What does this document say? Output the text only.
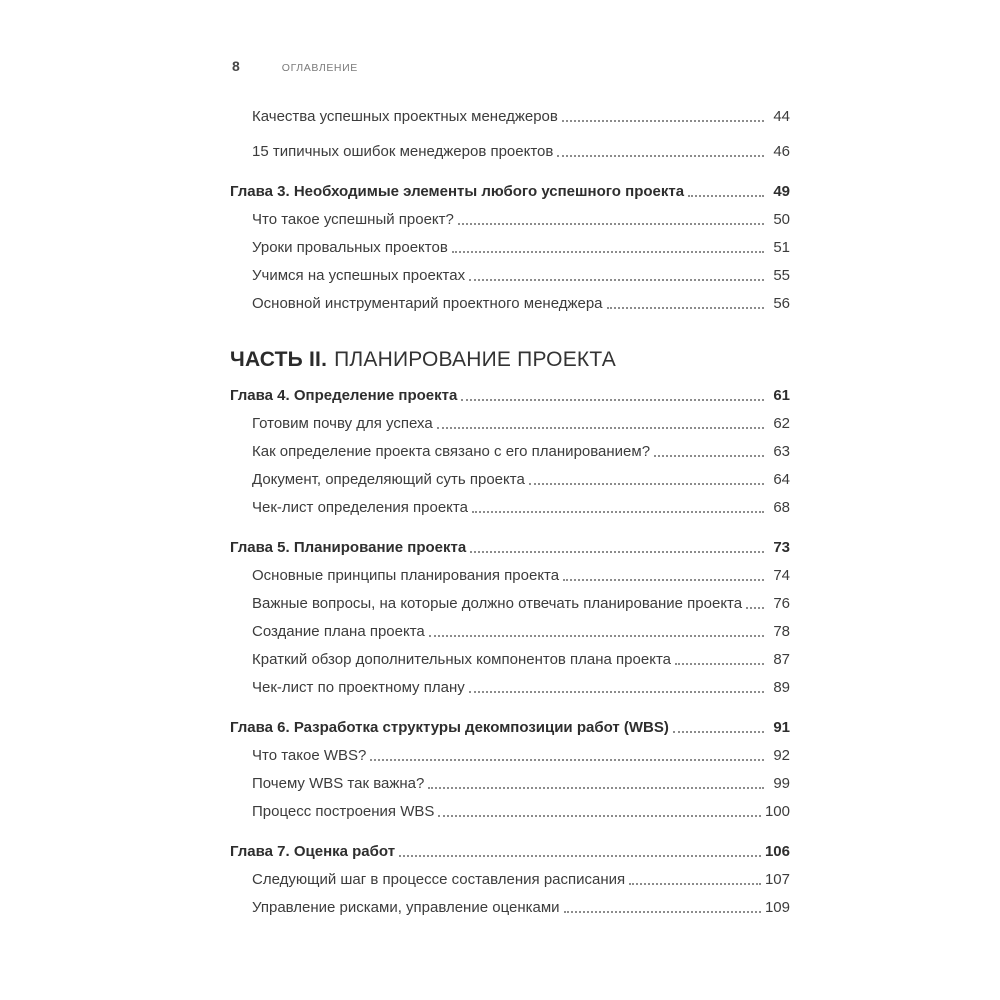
8	ОГЛАВЛЕНИЕ
Качества успешных проектных менеджеров	44
15 типичных ошибок менеджеров проектов	46
Глава 3. Необходимые элементы любого успешного проекта	49
Что такое успешный проект?	50
Уроки провальных проектов	51
Учимся на успешных проектах	55
Основной инструментарий проектного менеджера	56
ЧАСТЬ II. ПЛАНИРОВАНИЕ ПРОЕКТА
Глава 4. Определение проекта	61
Готовим почву для успеха	62
Как определение проекта связано с его планированием?	63
Документ, определяющий суть проекта	64
Чек-лист определения проекта	68
Глава 5. Планирование проекта	73
Основные принципы планирования проекта	74
Важные вопросы, на которые должно отвечать планирование проекта	76
Создание плана проекта	78
Краткий обзор дополнительных компонентов плана проекта	87
Чек-лист по проектному плану	89
Глава 6. Разработка структуры декомпозиции работ (WBS)	91
Что такое WBS?	92
Почему WBS так важна?	99
Процесс построения WBS	100
Глава 7. Оценка работ	106
Следующий шаг в процессе составления расписания	107
Управление рисками, управление оценками	109
